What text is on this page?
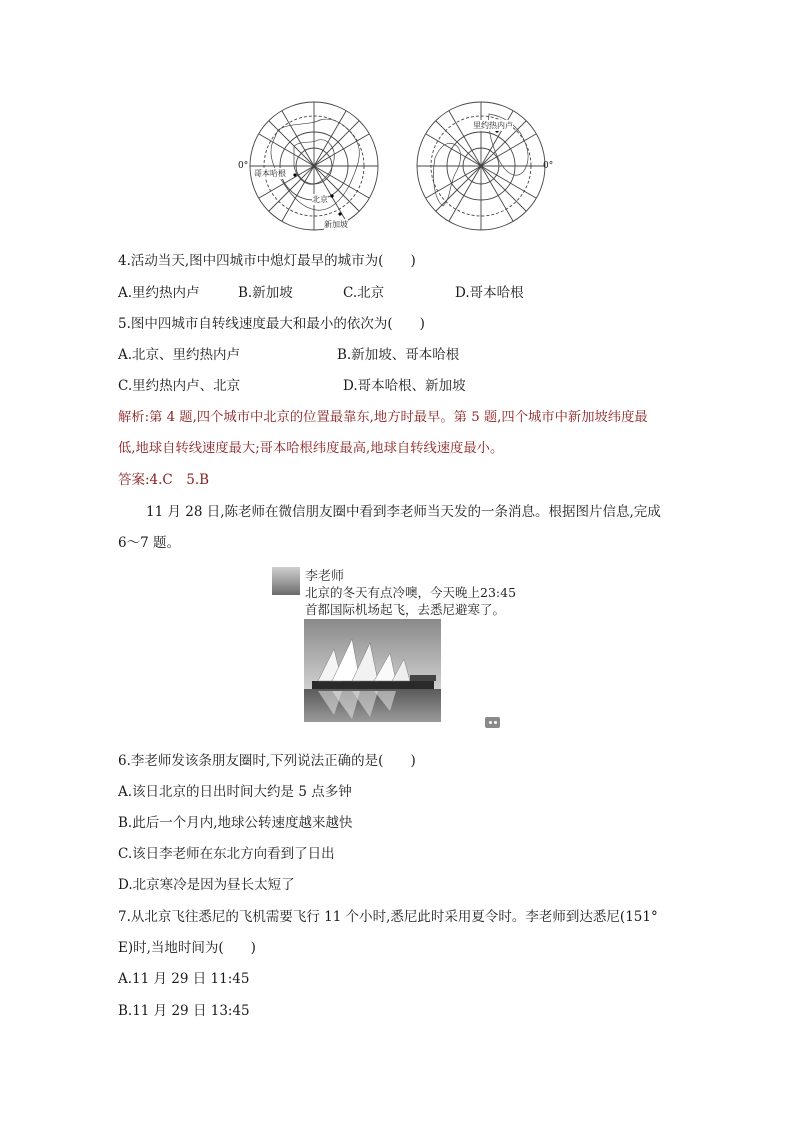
0°
哥本哈根
北京
新加坡
0°
里约热内卢
4.活动当天,图中四城市中熄灯最早的城市为(　　)
A.里约热内卢	B.新加坡	C.北京	D.哥本哈根
5.图中四城市自转线速度最大和最小的依次为(　　)
A.北京、里约热内卢	B.新加坡、哥本哈根
C.里约热内卢、北京	D.哥本哈根、新加坡
解析:第 4 题,四个城市中北京的位置最靠东,地方时最早。第 5 题,四个城市中新加坡纬度最
低,地球自转线速度最大;哥本哈根纬度最高,地球自转线速度最小。
答案:4.C　5.B
11 月 28 日,陈老师在微信朋友圈中看到李老师当天发的一条消息。根据图片信息,完成
6～7 题。
李老师
北京的冬天有点冷噢，今天晚上23:45
首都国际机场起飞，去悉尼避寒了。
6.李老师发该条朋友圈时,下列说法正确的是(　　)
A.该日北京的日出时间大约是 5 点多钟
B.此后一个月内,地球公转速度越来越快
C.该日李老师在东北方向看到了日出
D.北京寒冷是因为昼长太短了
7.从北京飞往悉尼的飞机需要飞行 11 个小时,悉尼此时采用夏令时。李老师到达悉尼(151°
E)时,当地时间为(　　)
A.11 月 29 日 11:45
B.11 月 29 日 13:45
